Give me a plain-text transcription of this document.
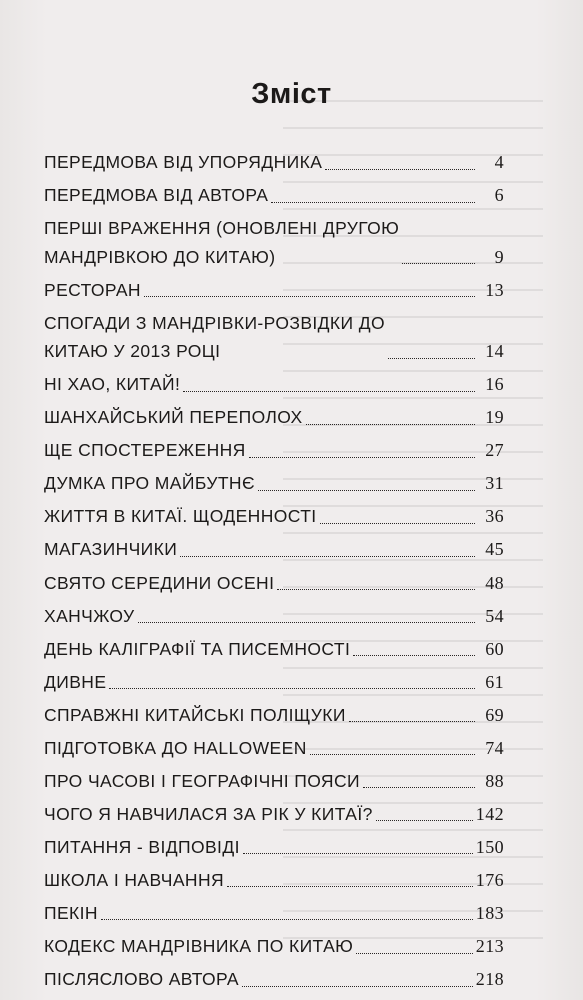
Зміст
ПЕРЕДМОВА ВІД УПОРЯДНИКА	4
ПЕРЕДМОВА ВІД АВТОРА	6
ПЕРШІ ВРАЖЕННЯ (ОНОВЛЕНІ ДРУГОЮ
МАНДРІВКОЮ ДО КИТАЮ)	9
РЕСТОРАН	13
СПОГАДИ З МАНДРІВКИ-РОЗВІДКИ ДО
КИТАЮ У 2013 РОЦІ	14
НІ ХАО, КИТАЙ!	16
ШАНХАЙСЬКИЙ ПЕРЕПОЛОХ	19
ЩЕ СПОСТЕРЕЖЕННЯ	27
ДУМКА ПРО МАЙБУТНЄ	31
ЖИТТЯ В КИТАЇ. ЩОДЕННОСТІ	36
МАГАЗИНЧИКИ	45
СВЯТО СЕРЕДИНИ ОСЕНІ	48
ХАНЧЖОУ	54
ДЕНЬ КАЛІГРАФІЇ ТА ПИСЕМНОСТІ	60
ДИВНЕ	61
СПРАВЖНІ КИТАЙСЬКІ ПОЛІЩУКИ	69
ПІДГОТОВКА ДО HALLOWEEN	74
ПРО ЧАСОВІ І ГЕОГРАФІЧНІ ПОЯСИ	88
ЧОГО Я НАВЧИЛАСЯ ЗА РІК У КИТАЇ?	142
ПИТАННЯ - ВІДПОВІДІ	150
ШКОЛА І НАВЧАННЯ	176
ПЕКІН	183
КОДЕКС МАНДРІВНИКА ПО КИТАЮ	213
ПІСЛЯСЛОВО АВТОРА	218
